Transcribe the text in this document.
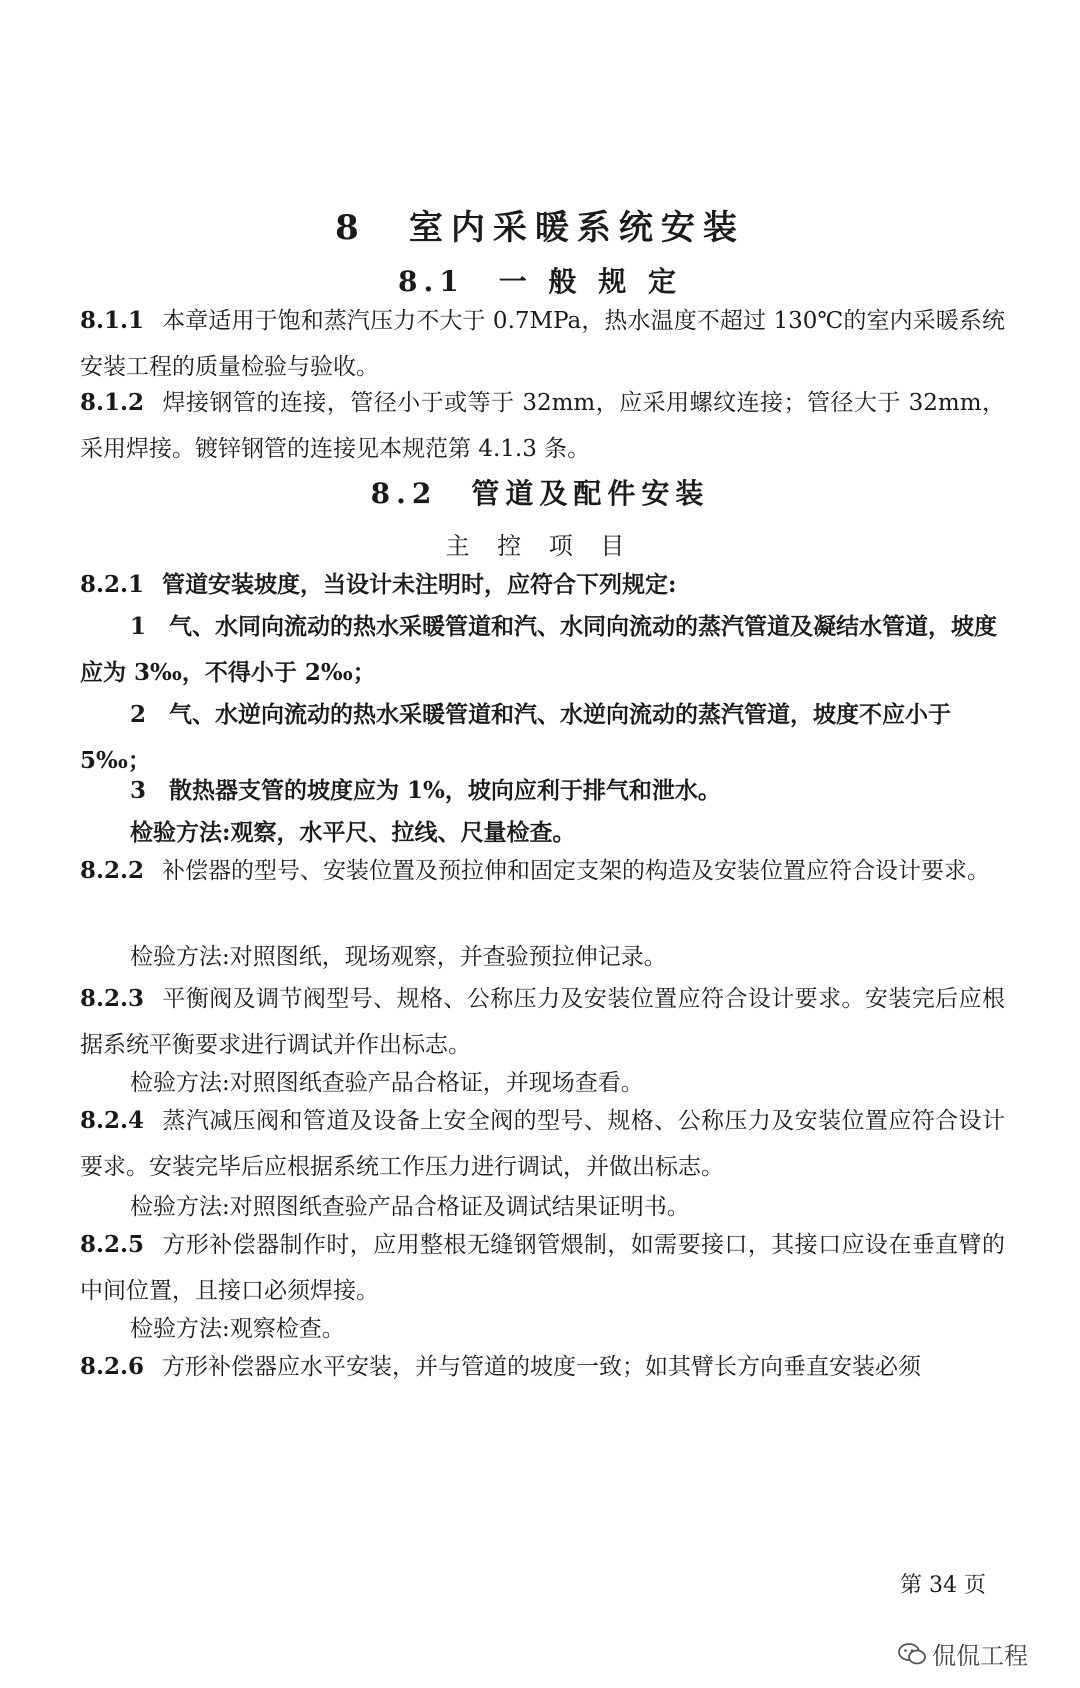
8　室内采暖系统安装
8.1　一 般 规 定
8.1.1 本章适用于饱和蒸汽压力不大于 0.7MPa，热水温度不超过 130℃的室内采暖系统安装工程的质量检验与验收。
8.1.2 焊接钢管的连接，管径小于或等于 32mm，应采用螺纹连接；管径大于 32mm，采用焊接。镀锌钢管的连接见本规范第 4.1.3 条。
8.2　管道及配件安装
主 控 项 目
8.2.1 管道安装坡度，当设计未注明时，应符合下列规定:
1　气、水同向流动的热水采暖管道和汽、水同向流动的蒸汽管道及凝结水管道，坡度应为 3‰，不得小于 2‰；
2　气、水逆向流动的热水采暖管道和汽、水逆向流动的蒸汽管道，坡度不应小于 5‰；
3　散热器支管的坡度应为 1%，坡向应利于排气和泄水。
检验方法:观察，水平尺、拉线、尺量检查。
8.2.2 补偿器的型号、安装位置及预拉伸和固定支架的构造及安装位置应符合设计要求。
检验方法:对照图纸，现场观察，并查验预拉伸记录。
8.2.3 平衡阀及调节阀型号、规格、公称压力及安装位置应符合设计要求。安装完后应根据系统平衡要求进行调试并作出标志。
检验方法:对照图纸查验产品合格证，并现场查看。
8.2.4 蒸汽减压阀和管道及设备上安全阀的型号、规格、公称压力及安装位置应符合设计要求。安装完毕后应根据系统工作压力进行调试，并做出标志。
检验方法:对照图纸查验产品合格证及调试结果证明书。
8.2.5 方形补偿器制作时，应用整根无缝钢管煨制，如需要接口，其接口应设在垂直臂的中间位置，且接口必须焊接。
检验方法:观察检查。
8.2.6 方形补偿器应水平安装，并与管道的坡度一致；如其臂长方向垂直安装必须
第 34 页
侃侃工程
